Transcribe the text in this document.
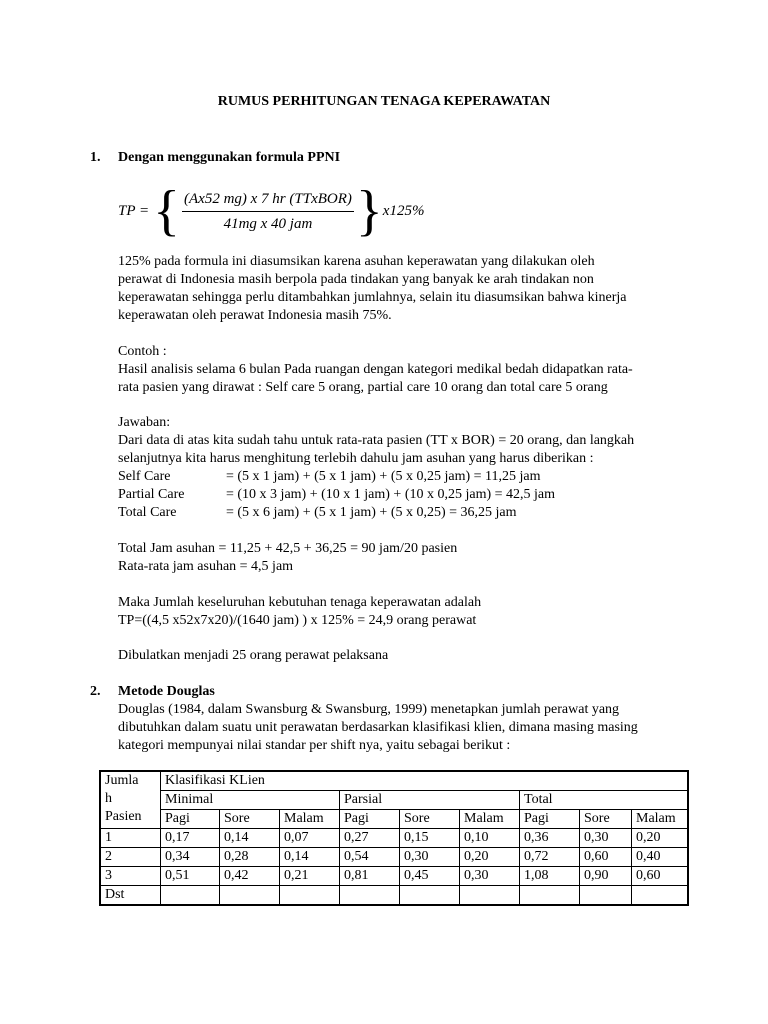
RUMUS PERHITUNGAN TENAGA KEPERAWATAN
1. Dengan menggunakan formula PPNI
TP = { $\frac{\text{(Ax52 mg) x 7 hr (TTxBOR)}}{\text{41mg x 40 jam}}$ } x125%
125% pada formula ini diasumsikan karena asuhan keperawatan yang dilakukan oleh
perawat di Indonesia masih berpola pada tindakan yang banyak ke arah tindakan non
keperawatan sehingga perlu ditambahkan jumlahnya, selain itu diasumsikan bahwa kinerja
keperawatan oleh perawat Indonesia masih 75%.
Contoh :
Hasil analisis selama 6 bulan Pada ruangan dengan kategori medikal bedah didapatkan rata-
rata pasien yang dirawat : Self care 5 orang, partial care 10 orang dan total care 5 orang
Jawaban:
Dari data di atas kita sudah tahu untuk rata-rata pasien (TT x BOR) = 20 orang, dan langkah
selanjutnya kita harus menghitung terlebih dahulu jam asuhan yang harus diberikan :
Self Care	= (5 x 1 jam) + (5 x 1 jam) + (5 x 0,25 jam) = 11,25 jam
Partial Care	= (10 x 3 jam) + (10 x 1 jam) + (10 x 0,25 jam) = 42,5 jam
Total Care	= (5 x 6 jam) + (5 x 1 jam) + (5 x 0,25) = 36,25 jam
Total Jam asuhan = 11,25 + 42,5 + 36,25 = 90 jam/20 pasien
Rata-rata jam asuhan = 4,5 jam
Maka Jumlah keseluruhan kebutuhan tenaga keperawatan adalah
TP=((4,5 x52x7x20)/(1640 jam) ) x 125% = 24,9 orang perawat
Dibulatkan menjadi 25 orang perawat pelaksana
2. Metode Douglas
Douglas (1984, dalam Swansburg & Swansburg, 1999) menetapkan jumlah perawat yang
dibutuhkan dalam suatu unit perawatan berdasarkan klasifikasi klien, dimana masing masing
kategori mempunyai nilai standar per shift nya, yaitu sebagai berikut :
Jumla
h
Pasien	Klasifikasi KLien								
	Minimal			Parsial			Total		
	Pagi	Sore	Malam	Pagi	Sore	Malam	Pagi	Sore	Malam
1	0,17	0,14	0,07	0,27	0,15	0,10	0,36	0,30	0,20
2	0,34	0,28	0,14	0,54	0,30	0,20	0,72	0,60	0,40
3	0,51	0,42	0,21	0,81	0,45	0,30	1,08	0,90	0,60
Dst									
